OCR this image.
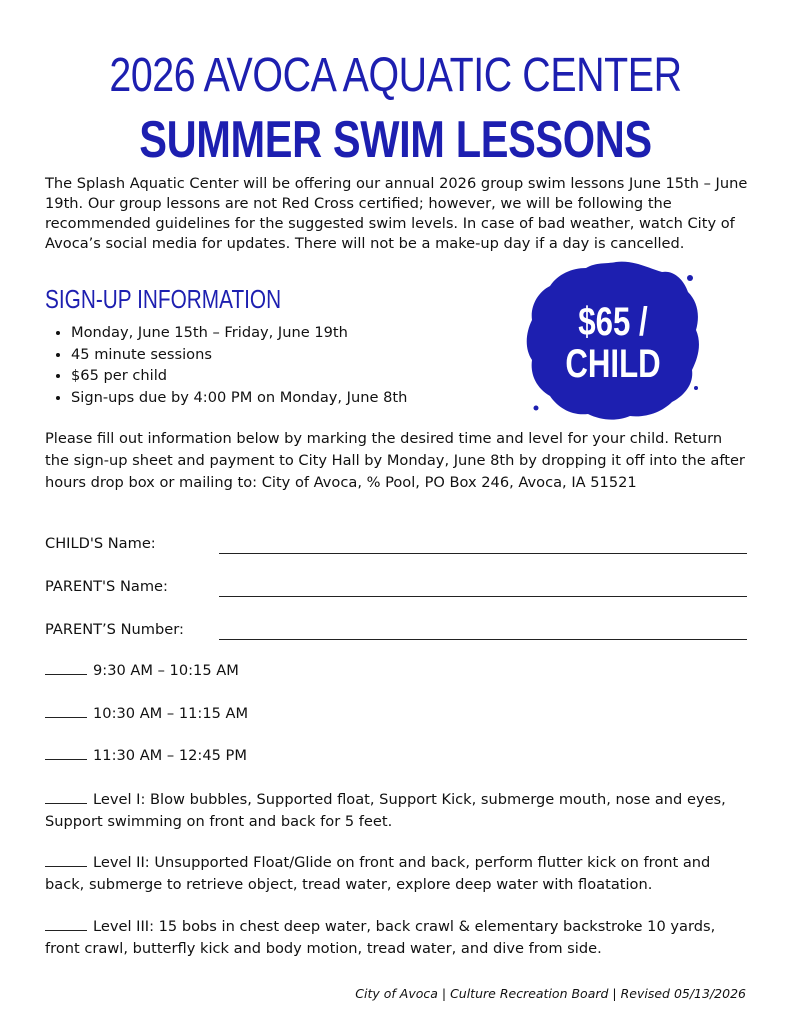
2026 AVOCA AQUATIC CENTER
SUMMER SWIM LESSONS

The Splash Aquatic Center will be offering our annual 2026 group swim lessons June 15th – June 19th. Our group lessons are not Red Cross certified; however, we will be following the recommended guidelines for the suggested swim levels. In case of bad weather, watch City of Avoca’s social media for updates. There will not be a make-up day if a day is cancelled.

SIGN-UP INFORMATION
• Monday, June 15th – Friday, June 19th
• 45 minute sessions
• $65 per child
• Sign-ups due by 4:00 PM on Monday, June 8th
$65 /
CHILD

Please fill out information below by marking the desired time and level for your child. Return the sign-up sheet and payment to City Hall by Monday, June 8th by dropping it off into the after hours drop box or mailing to: City of Avoca, % Pool, PO Box 246, Avoca, IA 51521

CHILD'S Name:
PARENT'S Name:
PARENT’S Number:
9:30 AM – 10:15 AM
10:30 AM – 11:15 AM
11:30 AM – 12:45 PM
Level I: Blow bubbles, Supported float, Support Kick, submerge mouth, nose and eyes, Support swimming on front and back for 5 feet.
Level II: Unsupported Float/Glide on front and back, perform flutter kick on front and back, submerge to retrieve object, tread water, explore deep water with floatation.
Level III: 15 bobs in chest deep water, back crawl & elementary backstroke 10 yards, front crawl, butterfly kick and body motion, tread water, and dive from side.
City of Avoca | Culture Recreation Board | Revised 05/13/2026
